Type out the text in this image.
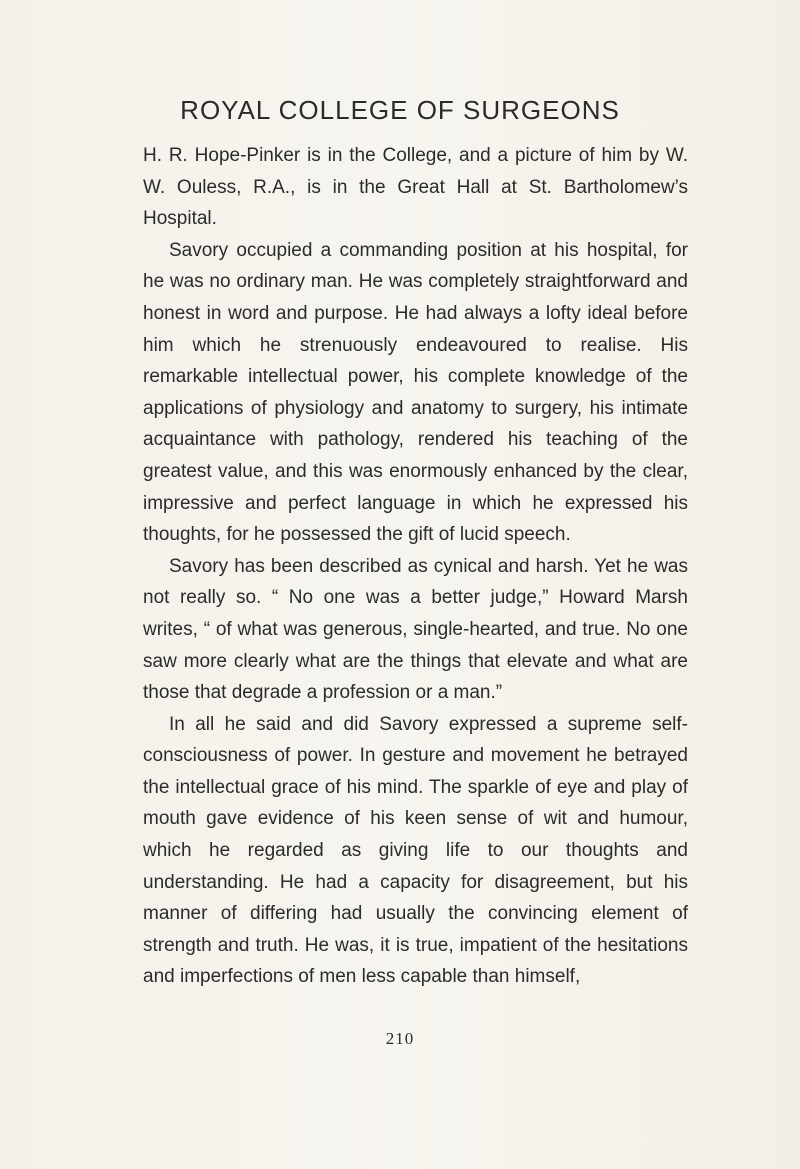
ROYAL COLLEGE OF SURGEONS

H. R. Hope-Pinker is in the College, and a picture of him by W. W. Ouless, R.A., is in the Great Hall at St. Bartholomew’s Hospital.

Savory occupied a commanding position at his hospital, for he was no ordinary man. He was completely straightforward and honest in word and purpose. He had always a lofty ideal before him which he strenuously endeavoured to realise. His remarkable intellectual power, his complete knowledge of the applications of physiology and anatomy to surgery, his intimate acquaintance with pathology, rendered his teaching of the greatest value, and this was enormously enhanced by the clear, impressive and perfect language in which he expressed his thoughts, for he possessed the gift of lucid speech.

Savory has been described as cynical and harsh. Yet he was not really so. “ No one was a better judge,” Howard Marsh writes, “ of what was generous, single-hearted, and true. No one saw more clearly what are the things that elevate and what are those that degrade a profession or a man.”

In all he said and did Savory expressed a supreme self-consciousness of power. In gesture and movement he betrayed the intellectual grace of his mind. The sparkle of eye and play of mouth gave evidence of his keen sense of wit and humour, which he regarded as giving life to our thoughts and understanding. He had a capacity for disagreement, but his manner of differing had usually the convincing element of strength and truth. He was, it is true, impatient of the hesitations and imperfections of men less capable than himself,

210
